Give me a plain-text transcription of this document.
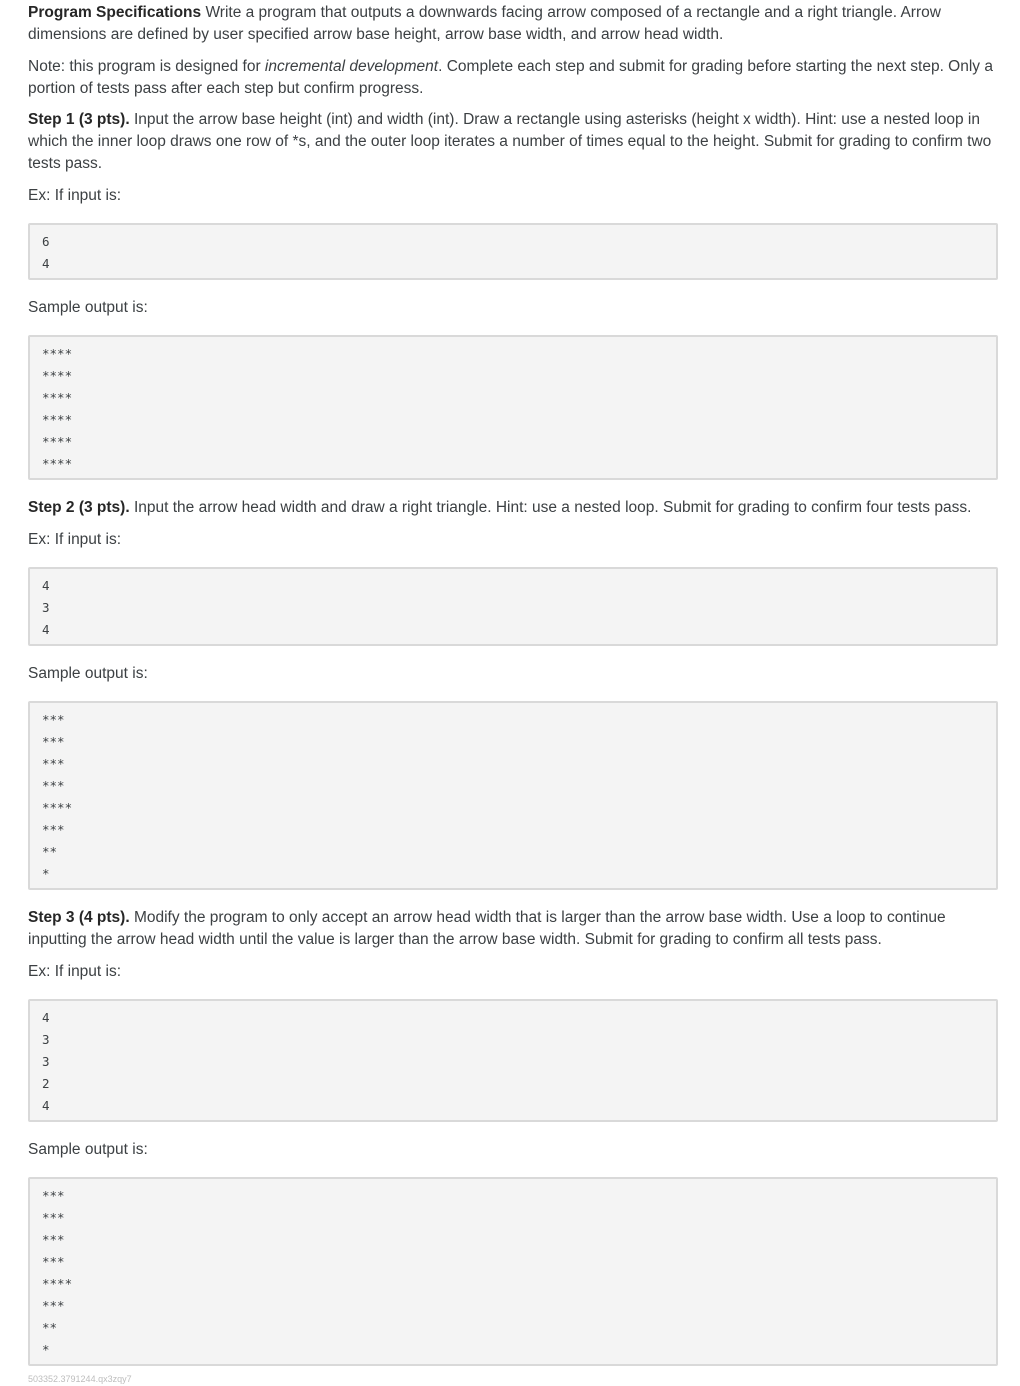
Program Specifications Write a program that outputs a downwards facing arrow composed of a rectangle and a right triangle. Arrow dimensions are defined by user specified arrow base height, arrow base width, and arrow head width.

Note: this program is designed for incremental development. Complete each step and submit for grading before starting the next step. Only a portion of tests pass after each step but confirm progress.

Step 1 (3 pts). Input the arrow base height (int) and width (int). Draw a rectangle using asterisks (height x width). Hint: use a nested loop in which the inner loop draws one row of *s, and the outer loop iterates a number of times equal to the height. Submit for grading to confirm two tests pass.

Ex: If input is:

6
4

Sample output is:

****
****
****
****
****
****

Step 2 (3 pts). Input the arrow head width and draw a right triangle. Hint: use a nested loop. Submit for grading to confirm four tests pass.

Ex: If input is:

4
3
4

Sample output is:

***
***
***
***
****
***
**
*

Step 3 (4 pts). Modify the program to only accept an arrow head width that is larger than the arrow base width. Use a loop to continue inputting the arrow head width until the value is larger than the arrow base width. Submit for grading to confirm all tests pass.

Ex: If input is:

4
3
3
2
4

Sample output is:

***
***
***
***
****
***
**
*
503352.3791244.qx3zqy7
